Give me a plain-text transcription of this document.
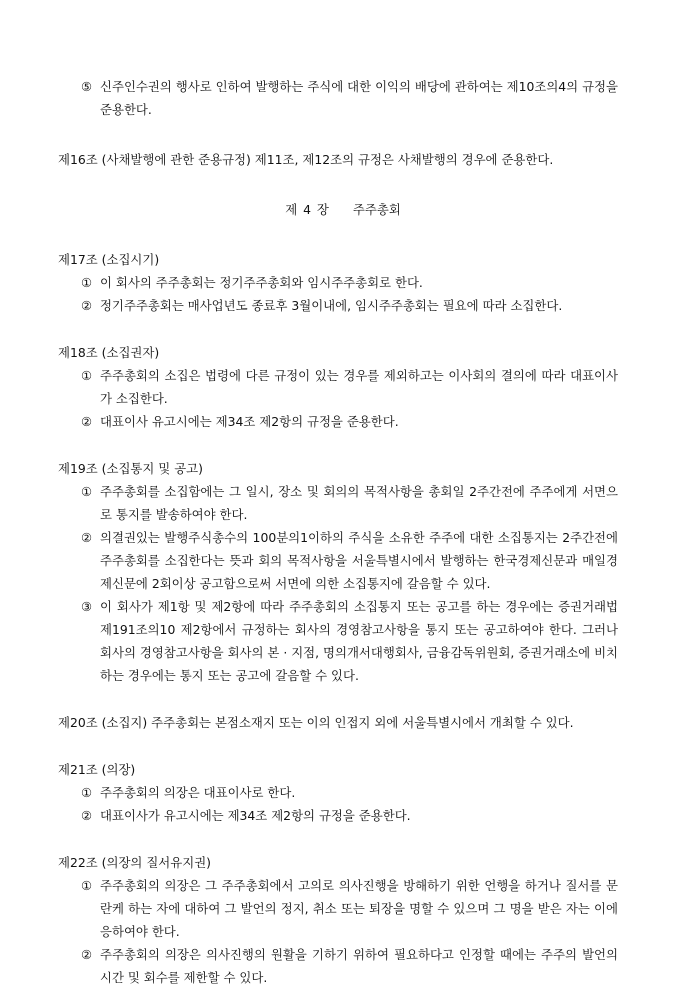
⑤ 신주인수권의 행사로 인하여 발행하는 주식에 대한 이익의 배당에 관하여는 제10조의4의 규정을 준용한다.

제16조 (사채발행에 관한 준용규정) 제11조, 제12조의 규정은 사채발행의 경우에 준용한다.

제 4 장 주주총회

제17조 (소집시기)

① 이 회사의 주주총회는 정기주주총회와 임시주주총회로 한다.
② 정기주주총회는 매사업년도 종료후 3월이내에, 임시주주총회는 필요에 따라 소집한다.

제18조 (소집권자)

① 주주총회의 소집은 법령에 다른 규정이 있는 경우를 제외하고는 이사회의 결의에 따라 대표이사가 소집한다.
② 대표이사 유고시에는 제34조 제2항의 규정을 준용한다.

제19조 (소집통지 및 공고)

① 주주총회를 소집함에는 그 일시, 장소 및 회의의 목적사항을 총회일 2주간전에 주주에게 서면으로 통지를 발송하여야 한다.
② 의결권있는 발행주식총수의 100분의1이하의 주식을 소유한 주주에 대한 소집통지는 2주간전에 주주총회를 소집한다는 뜻과 회의 목적사항을 서울특별시에서 발행하는 한국경제신문과 매일경제신문에 2회이상 공고함으로써 서면에 의한 소집통지에 갈음할 수 있다.
③ 이 회사가 제1항 및 제2항에 따라 주주총회의 소집통지 또는 공고를 하는 경우에는 증권거래법 제191조의10 제2항에서 규정하는 회사의 경영참고사항을 통지 또는 공고하여야 한다. 그러나 회사의 경영참고사항을 회사의 본 · 지점, 명의개서대행회사, 금융감독위원회, 증권거래소에 비치하는 경우에는 통지 또는 공고에 갈음할 수 있다.

제20조 (소집지) 주주총회는 본점소재지 또는 이의 인접지 외에 서울특별시에서 개최할 수 있다.

제21조 (의장)

① 주주총회의 의장은 대표이사로 한다.
② 대표이사가 유고시에는 제34조 제2항의 규정을 준용한다.

제22조 (의장의 질서유지권)

① 주주총회의 의장은 그 주주총회에서 고의로 의사진행을 방해하기 위한 언행을 하거나 질서를 문란케 하는 자에 대하여 그 발언의 정지, 취소 또는 퇴장을 명할 수 있으며 그 명을 받은 자는 이에 응하여야 한다.
② 주주총회의 의장은 의사진행의 원활을 기하기 위하여 필요하다고 인정할 때에는 주주의 발언의 시간 및 회수를 제한할 수 있다.
